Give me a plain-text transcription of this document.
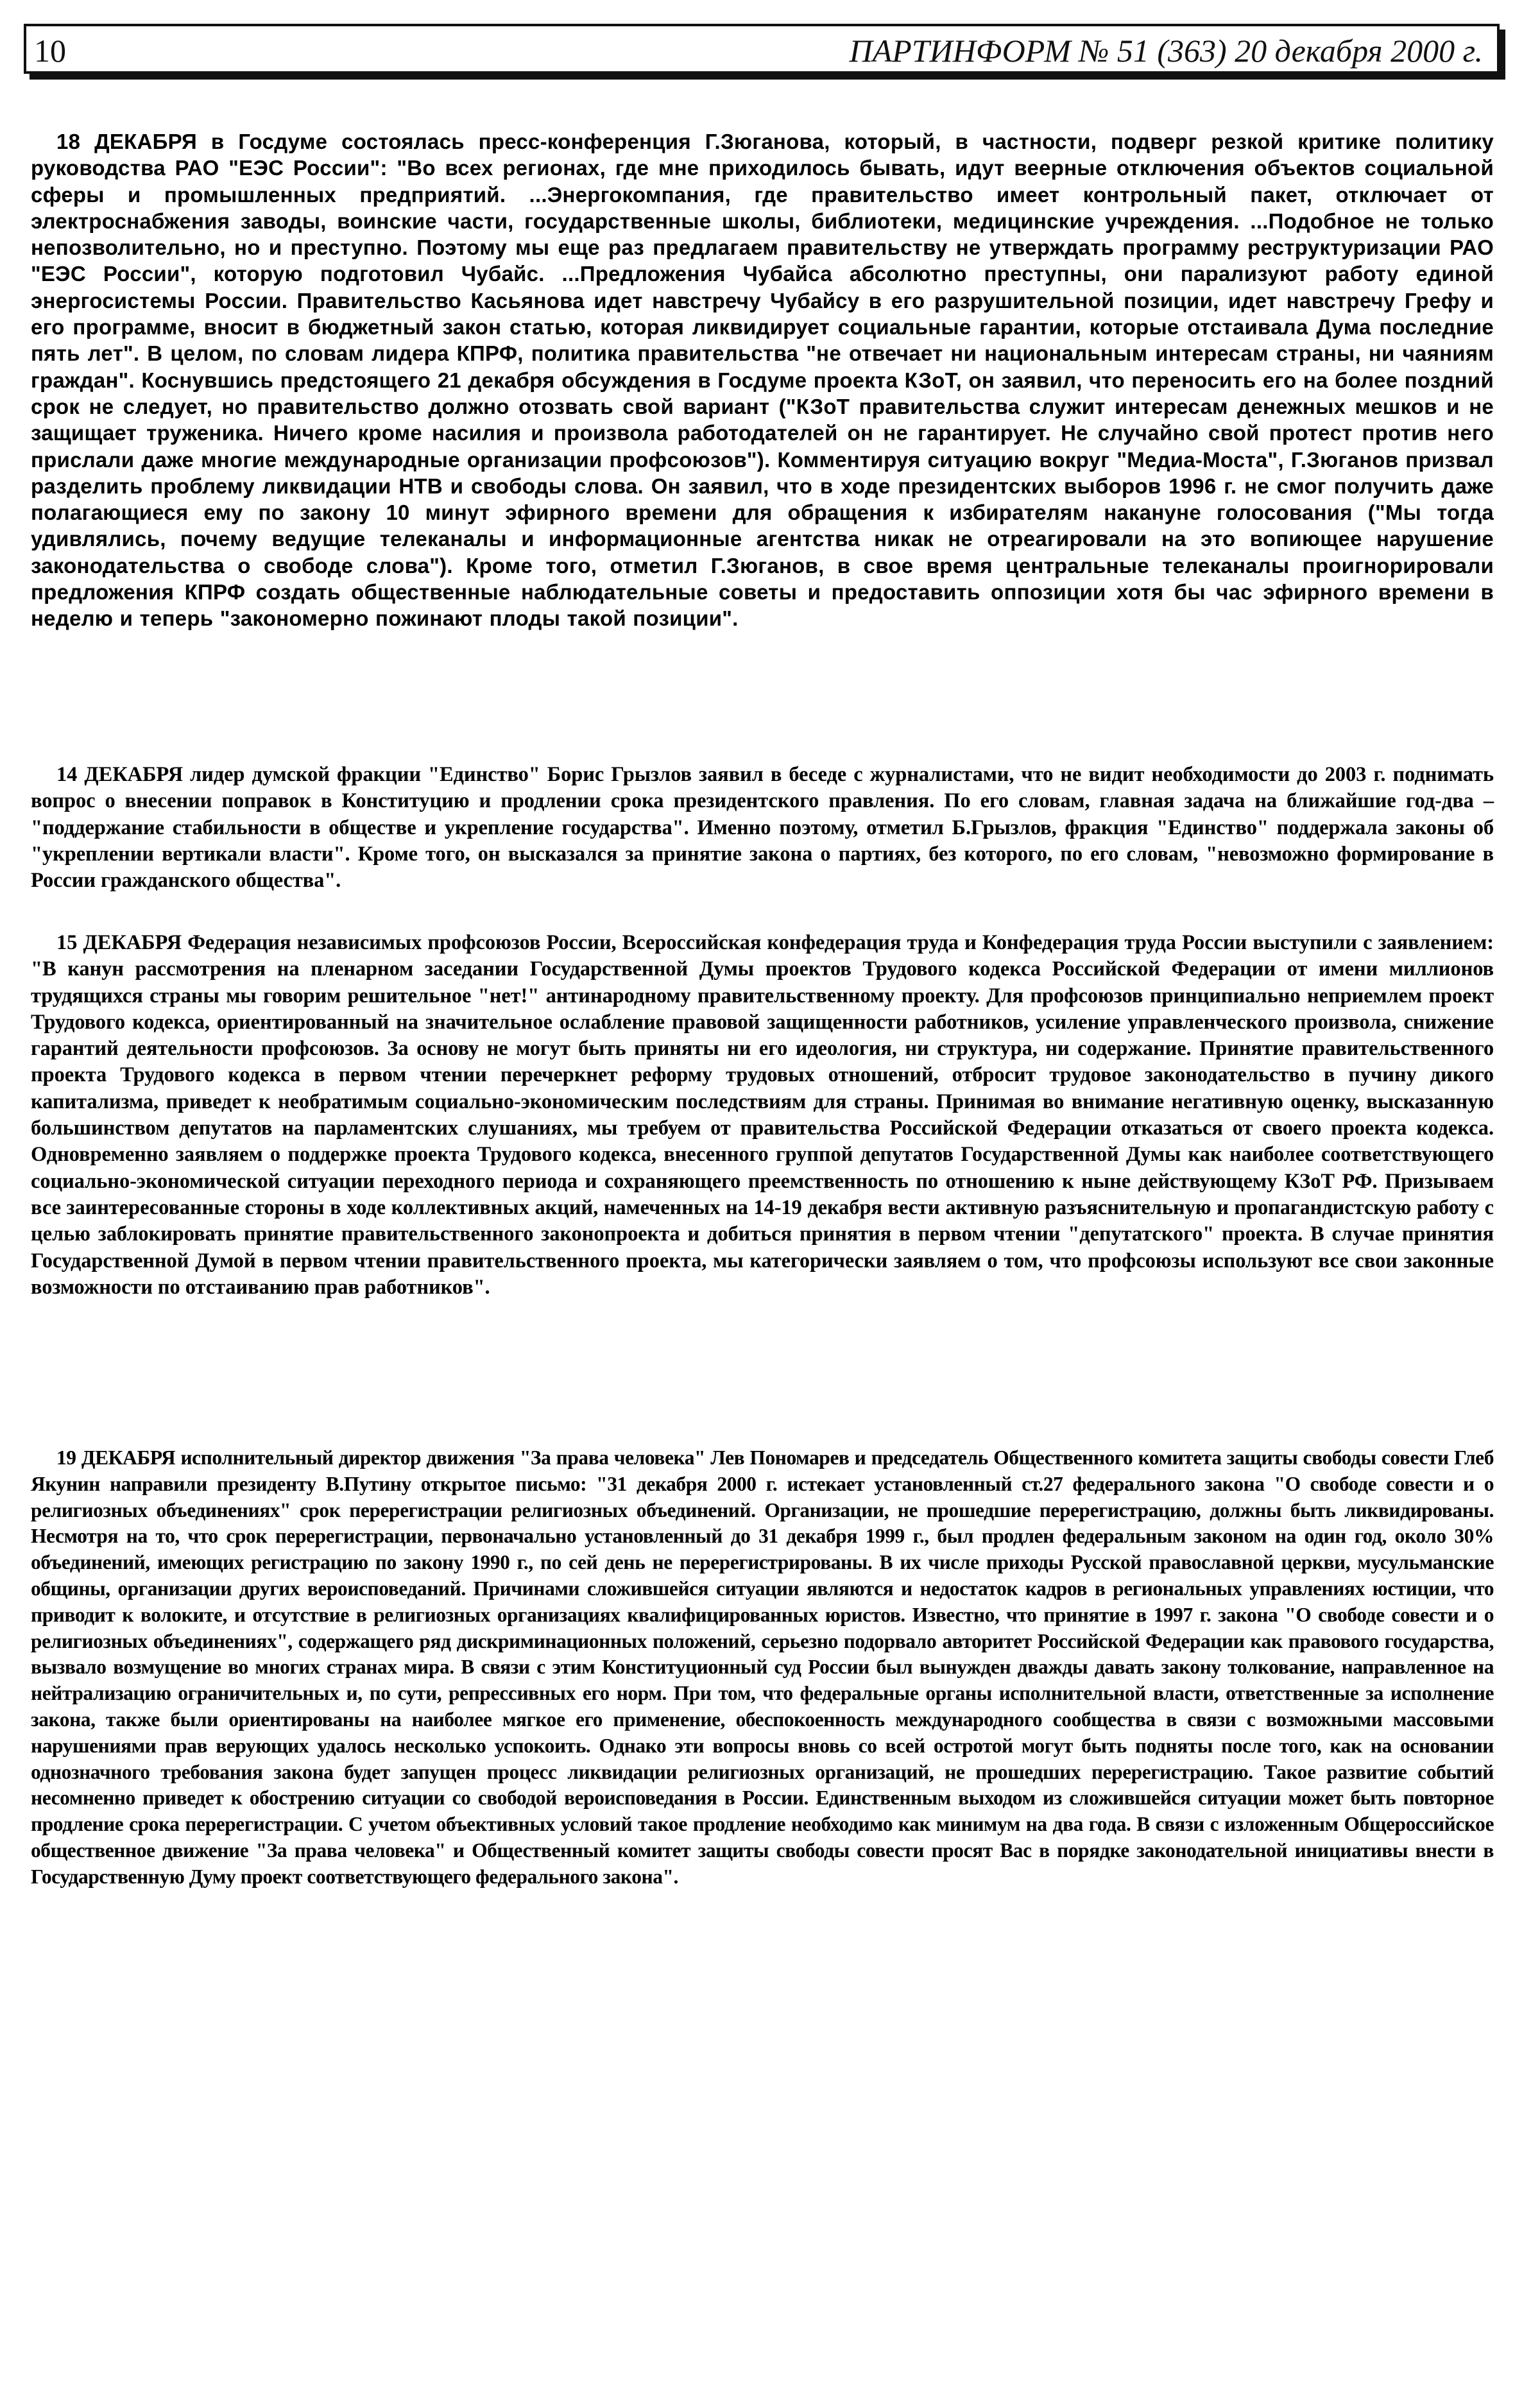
10	ПАРТИНФОРМ № 51 (363) 20 декабря 2000 г.

18 ДЕКАБРЯ в Госдуме состоялась пресс-конференция Г.Зюганова, который, в частности, подверг резкой критике политику руководства РАО "ЕЭС России": "Во всех регионах, где мне приходилось бывать, идут веерные отключения объектов социальной сферы и промышленных предприятий. ...Энергокомпания, где правительство имеет контрольный пакет, отключает от электроснабжения заводы, воинские части, государственные школы, библиотеки, медицинские учреждения. ...Подобное не только непозволительно, но и преступно. Поэтому мы еще раз предлагаем правительству не утверждать программу реструктуризации РАО "ЕЭС России", которую подготовил Чубайс. ...Предложения Чубайса абсолютно преступны, они парализуют работу единой энергосистемы России. Правительство Касьянова идет навстречу Чубайсу в его разрушительной позиции, идет навстречу Грефу и его программе, вносит в бюджетный закон статью, которая ликвидирует социальные гарантии, которые отстаивала Дума последние пять лет". В целом, по словам лидера КПРФ, политика правительства "не отвечает ни национальным интересам страны, ни чаяниям граждан". Коснувшись предстоящего 21 декабря обсуждения в Госдуме проекта КЗоТ, он заявил, что переносить его на более поздний срок не следует, но правительство должно отозвать свой вариант ("КЗоТ правительства служит интересам денежных мешков и не защищает труженика. Ничего кроме насилия и произвола работодателей он не гарантирует. Не случайно свой протест против него прислали даже многие международные организации профсоюзов"). Комментируя ситуацию вокруг "Медиа-Моста", Г.Зюганов призвал разделить проблему ликвидации НТВ и свободы слова. Он заявил, что в ходе президентских выборов 1996 г. не смог получить даже полагающиеся ему по закону 10 минут эфирного времени для обращения к избирателям накануне голосования ("Мы тогда удивлялись, почему ведущие телеканалы и информационные агентства никак не отреагировали на это вопиющее нарушение законодательства о свободе слова"). Кроме того, отметил Г.Зюганов, в свое время центральные телеканалы проигнорировали предложения КПРФ создать общественные наблюдательные советы и предоставить оппозиции хотя бы час эфирного времени в неделю и теперь "закономерно пожинают плоды такой позиции".

14 ДЕКАБРЯ лидер думской фракции "Единство" Борис Грызлов заявил в беседе с журналистами, что не видит необходимости до 2003 г. поднимать вопрос о внесении поправок в Конституцию и продлении срока президентского правления. По его словам, главная задача на ближайшие год-два – "поддержание стабильности в обществе и укрепление государства". Именно поэтому, отметил Б.Грызлов, фракция "Единство" поддержала законы об "укреплении вертикали власти". Кроме того, он высказался за принятие закона о партиях, без которого, по его словам, "невозможно формирование в России гражданского общества".

15 ДЕКАБРЯ Федерация независимых профсоюзов России, Всероссийская конфедерация труда и Конфедерация труда России выступили с заявлением: "В канун рассмотрения на пленарном заседании Государственной Думы проектов Трудового кодекса Российской Федерации от имени миллионов трудящихся страны мы говорим решительное "нет!" антинародному правительственному проекту. Для профсоюзов принципиально неприемлем проект Трудового кодекса, ориентированный на значительное ослабление правовой защищенности работников, усиление управленческого произвола, снижение гарантий деятельности профсоюзов. За основу не могут быть приняты ни его идеология, ни структура, ни содержание. Принятие правительственного проекта Трудового кодекса в первом чтении перечеркнет реформу трудовых отношений, отбросит трудовое законодательство в пучину дикого капитализма, приведет к необратимым социально-экономическим последствиям для страны. Принимая во внимание негативную оценку, высказанную большинством депутатов на парламентских слушаниях, мы требуем от правительства Российской Федерации отказаться от своего проекта кодекса. Одновременно заявляем о поддержке проекта Трудового кодекса, внесенного группой депутатов Государственной Думы как наиболее соответствующего социально-экономической ситуации переходного периода и сохраняющего преемственность по отношению к ныне действующему КЗоТ РФ. Призываем все заинтересованные стороны в ходе коллективных акций, намеченных на 14-19 декабря вести активную разъяснительную и пропагандистскую работу с целью заблокировать принятие правительственного законопроекта и добиться принятия в первом чтении "депутатского" проекта. В случае принятия Государственной Думой в первом чтении правительственного проекта, мы категорически заявляем о том, что профсоюзы используют все свои законные возможности по отстаиванию прав работников".

19 ДЕКАБРЯ исполнительный директор движения "За права человека" Лев Пономарев и председатель Общественного комитета защиты свободы совести Глеб Якунин направили президенту В.Путину открытое письмо: "31 декабря 2000 г. истекает установленный ст.27 федерального закона "О свободе совести и о религиозных объединениях" срок перерегистрации религиозных объединений. Организации, не прошедшие перерегистрацию, должны быть ликвидированы. Несмотря на то, что срок перерегистрации, первоначально установленный до 31 декабря 1999 г., был продлен федеральным законом на один год, около 30% объединений, имеющих регистрацию по закону 1990 г., по сей день не перерегистрированы. В их числе приходы Русской православной церкви, мусульманские общины, организации других вероисповеданий. Причинами сложившейся ситуации являются и недостаток кадров в региональных управлениях юстиции, что приводит к волоките, и отсутствие в религиозных организациях квалифицированных юристов. Известно, что принятие в 1997 г. закона "О свободе совести и о религиозных объединениях", содержащего ряд дискриминационных положений, серьезно подорвало авторитет Российской Федерации как правового государства, вызвало возмущение во многих странах мира. В связи с этим Конституционный суд России был вынужден дважды давать закону толкование, направленное на нейтрализацию ограничительных и, по сути, репрессивных его норм. При том, что федеральные органы исполнительной власти, ответственные за исполнение закона, также были ориентированы на наиболее мягкое его применение, обеспокоенность международного сообщества в связи с возможными массовыми нарушениями прав верующих удалось несколько успокоить. Однако эти вопросы вновь со всей остротой могут быть подняты после того, как на основании однозначного требования закона будет запущен процесс ликвидации религиозных организаций, не прошедших перерегистрацию. Такое развитие событий несомненно приведет к обострению ситуации со свободой вероисповедания в России. Единственным выходом из сложившейся ситуации может быть повторное продление срока перерегистрации. С учетом объективных условий такое продление необходимо как минимум на два года. В связи с изложенным Общероссийское общественное движение "За права человека" и Общественный комитет защиты свободы совести просят Вас в порядке законодательной инициативы внести в Государственную Думу проект соответствующего федерального закона".
